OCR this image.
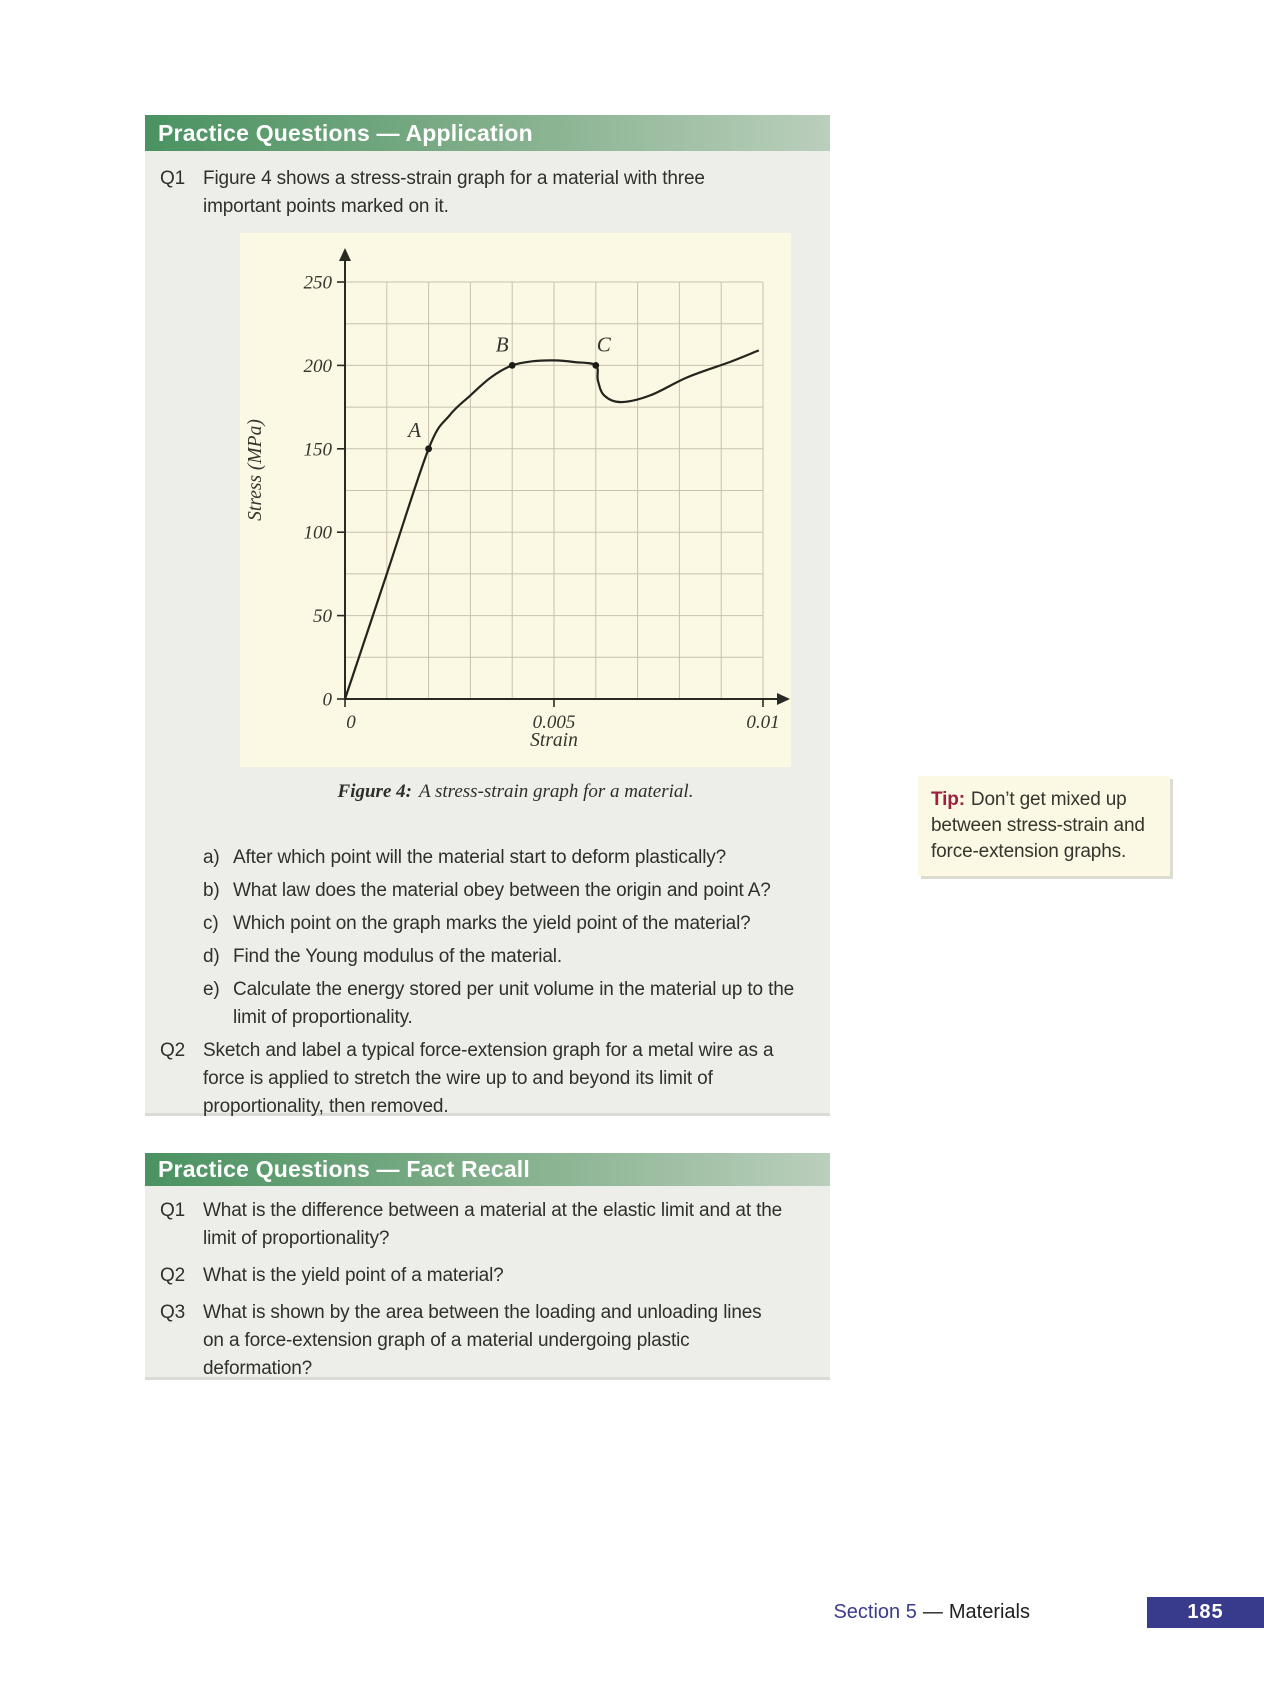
Practice Questions — Application
Q1 Figure 4 shows a stress-strain graph for a material with three important points marked on it.
0
50
100
150
200
250
0	0.005	0.01
Stress (MPa)
Strain
A
B	C
Figure 4: A stress-strain graph for a material.
a) After which point will the material start to deform plastically?
b) What law does the material obey between the origin and point A?
c) Which point on the graph marks the yield point of the material?
d) Find the Young modulus of the material.
e) Calculate the energy stored per unit volume in the material up to the limit of proportionality.
Q2 Sketch and label a typical force-extension graph for a metal wire as a force is applied to stretch the wire up to and beyond its limit of proportionality, then removed.
Tip: Don’t get mixed up between stress-strain and force-extension graphs.
Practice Questions — Fact Recall
Q1 What is the difference between a material at the elastic limit and at the limit of proportionality?
Q2 What is the yield point of a material?
Q3 What is shown by the area between the loading and unloading lines on a force-extension graph of a material undergoing plastic deformation?
Section 5 — Materials	185
